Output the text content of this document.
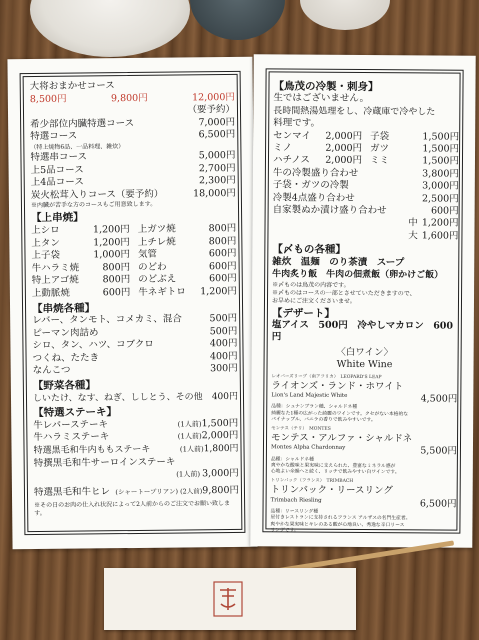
大将おまかせコース
8,500円	9,800円	12,000円
（要予約）
希少部位内臓特選コース	7,000円
特選コース	6,500円
（特上焼物6品、一品料理、雑炊）
特選串コース	5,000円
上5品コース	2,700円
上4品コース	2,300円
炭火松茸入りコース（要予約）	18,000円
※内臓が苦手な方のコースもご用意致します。
【上串焼】
上シロ	1,200円 上ガツ焼	800円
上タン	1,200円 上チレ焼	800円
上子袋	1,000円 気管	600円
牛ハラミ焼 800円 のどわ	600円
特上アゴ焼 800円 のどぶえ	600円
上動脈焼	600円 牛ネギトロ 1,200円
【串焼各種】
レバー、タンモト、コメカミ、混合	500円
ピーマン肉詰め	500円
シロ、タン、ハツ、コブクロ	400円
つくね、たたき	400円
なんこつ	300円
【野菜各種】
しいたけ、なす、ねぎ、ししとう、その他	400円
【特選ステーキ】
牛レバーステーキ	(1人前) 1,500円
牛ハラミステーキ	(1人前) 2,000円
特選黒毛和牛内ももステーキ	(1人前) 1,800円
特撰黒毛和牛サーロインステーキ
(1人前) 3,000円
特選黒毛和牛ヒレ (シャートーブリアン) (2人前) 9,800円
※その日のお肉の仕入れ状況によって2人前からのご注文でお願い致します。
【鳥茂の冷製・刺身】
生ではございません。
長時間熱湯処理をし、冷蔵庫で冷やした
料理です。
センマイ 2,000円 子袋	1,500円
ミノ	2,000円 ガツ	1,500円
ハチノス 2,000円 ミミ	1,500円
牛の冷製盛り合わせ	3,800円
子袋・ガツの冷製	3,000円
冷製4点盛り合わせ	2,500円
自家製ぬか漬け盛り合わせ	600円
中 1,200円
大 1,600円
【〆もの各種】
雑炊　温麺　のり茶漬　スープ
牛肉炙り飯　牛肉の佃煮飯（卵かけご飯）
※〆ものは鳥茂の内容です。
※〆ものはコースの一部とさせていただきますので、
お早めにご注文くださいませ。
【デザート】
塩アイス　500円　冷やしマカロン　600円
〈白ワイン〉
White Wine
レオパーズリープ（南アフリカ）　LEOPARD'S LEAP
ライオンズ・ランド・ホワイト
Lion's Land Majestic White	4,500円
品種：シュナンブラン種、シャルドネ種
綺麗なた1種の広がった綺麗のワインです。クセがない本格的な
パイナップル、バニラの香りで飲みやすいです。
モンテス（チリ）　MONTES
モンテス・アルファ・シャルドネ
Montes Alpha Chardonnay	5,500円
品種：シャルドネ種
爽やかな酸味と果実味に支えられた、豊富なミネラル感が
心地よい余韻へと続く、リッチで飲みやすい白ワインです。
トリンバック（フランス）　TRIMBACH
トリンバック・リースリング
Trimbach Riesling	6,500円
品種：リースリング種
星付きレストランに支持されるフランス アルザスの名門生産者。
爽やかな果実味とキレのある酸が心地良い、秀逸な辛口リース
リングです。
